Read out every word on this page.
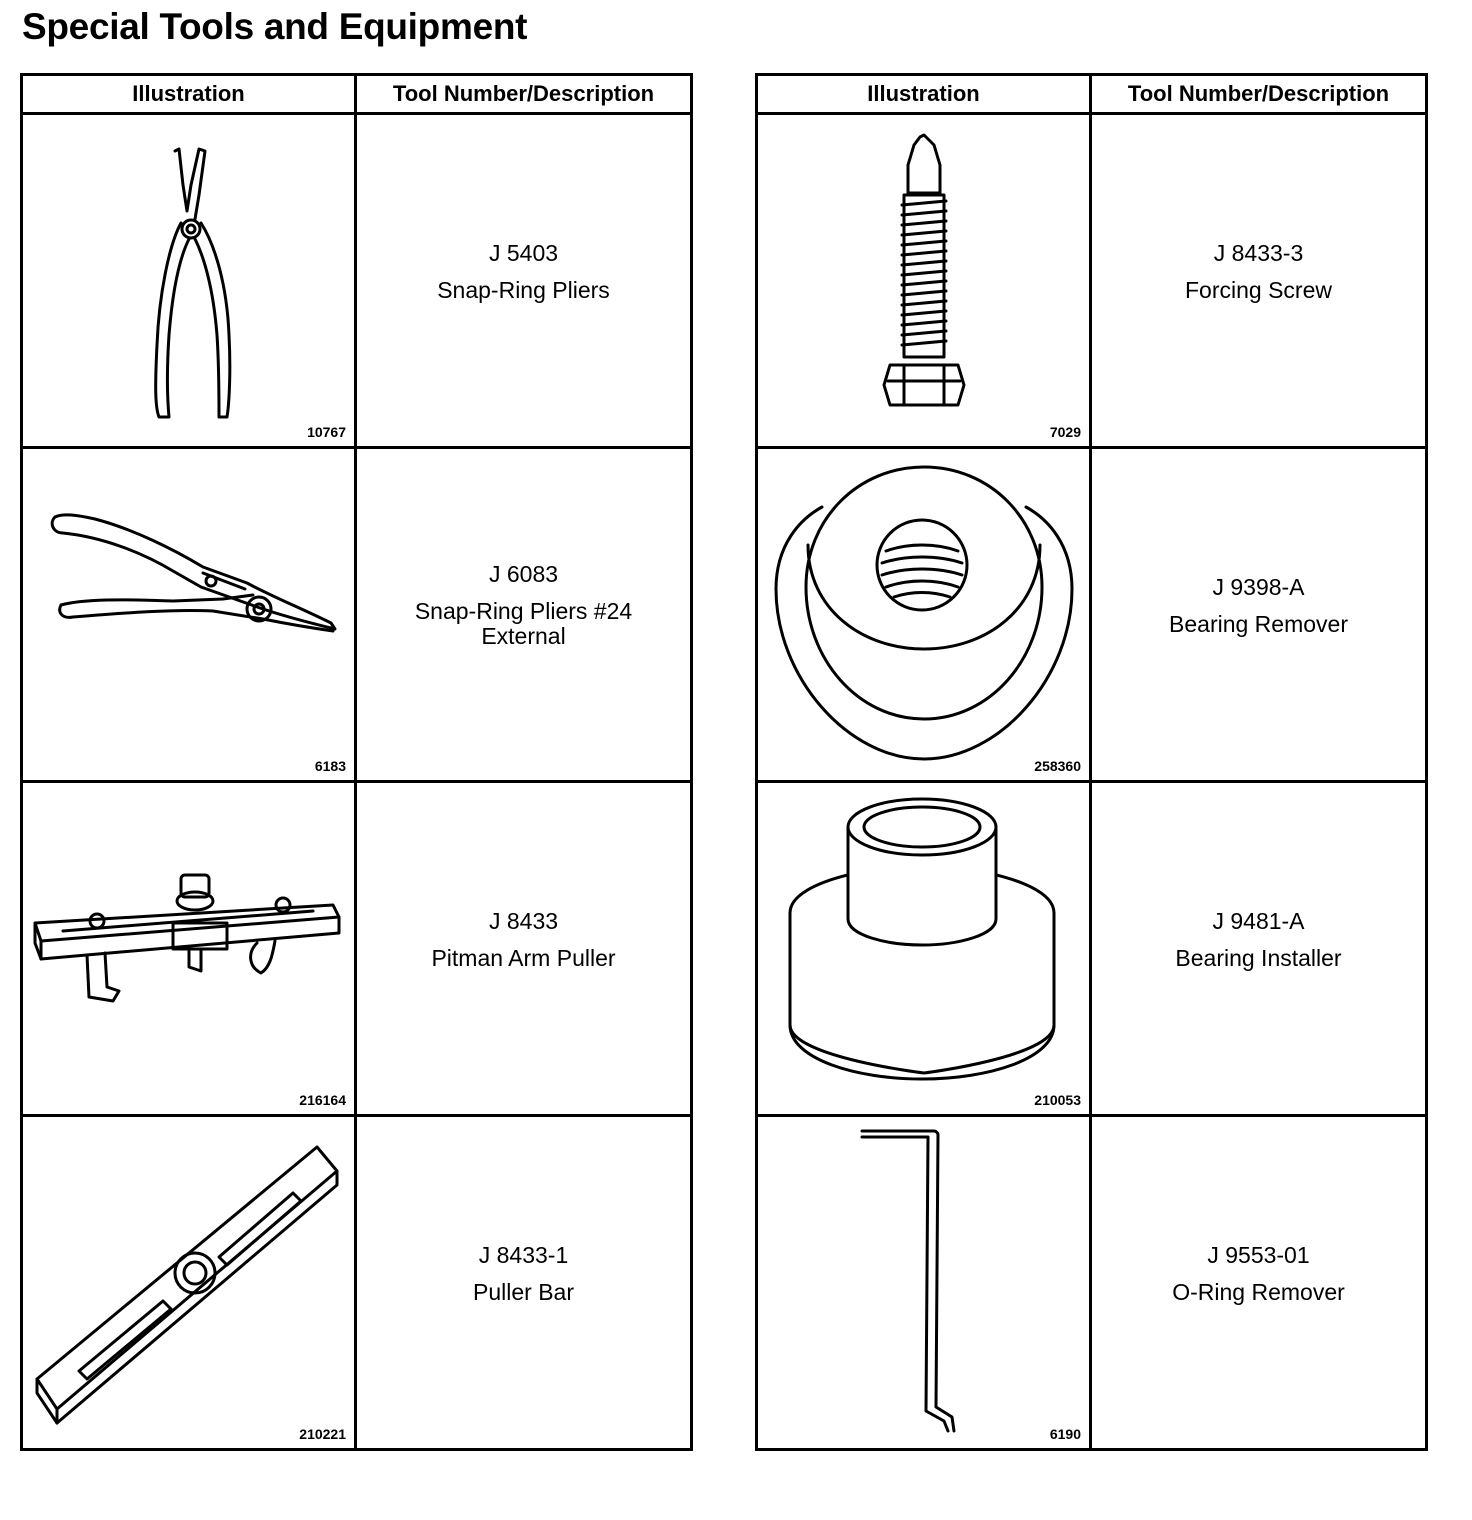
Special Tools and Equipment
Illustration	Tool Number/Description

10767	J 5403
Snap-Ring Pliers

6183	J 6083
Snap-Ring Pliers #24
External

216164	J 8433
Pitman Arm Puller

210221	J 8433-1
Puller Bar
Illustration	Tool Number/Description

7029	J 8433-3
Forcing Screw

258360	J 9398-A
Bearing Remover

210053	J 9481-A
Bearing Installer

6190	J 9553-01
O-Ring Remover
